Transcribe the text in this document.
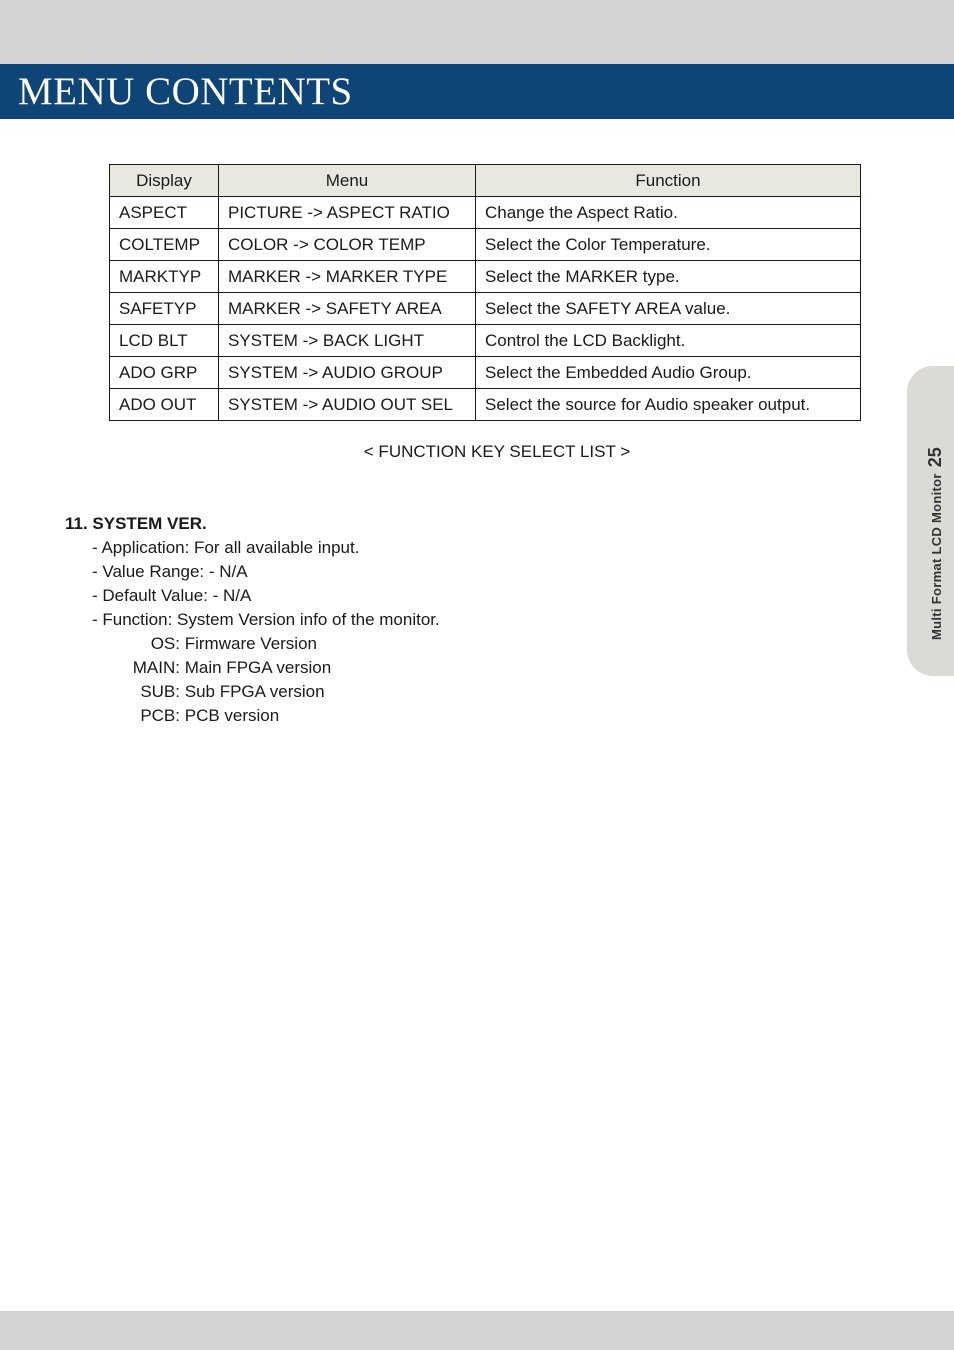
MENU CONTENTS
Multi Format LCD Monitor
25
Display	Menu	Function
ASPECT	PICTURE -> ASPECT RATIO	Change the Aspect Ratio.
COLTEMP	COLOR -> COLOR TEMP	Select the Color Temperature.
MARKTYP	MARKER -> MARKER TYPE	Select the MARKER type.
SAFETYP	MARKER -> SAFETY AREA	Select the SAFETY AREA value.
LCD BLT	SYSTEM -> BACK LIGHT	Control the LCD Backlight.
ADO GRP	SYSTEM -> AUDIO GROUP	Select the Embedded Audio Group.
ADO OUT	SYSTEM -> AUDIO OUT SEL	Select the source for Audio speaker output.
< FUNCTION KEY SELECT LIST >
11. SYSTEM VER.
- Application: For all available input.
- Value Range: - N/A
- Default Value: - N/A
- Function: System Version info of the monitor.
OS:
Firmware Version
MAIN:
Main FPGA version
SUB:
Sub FPGA version
PCB:
PCB version
